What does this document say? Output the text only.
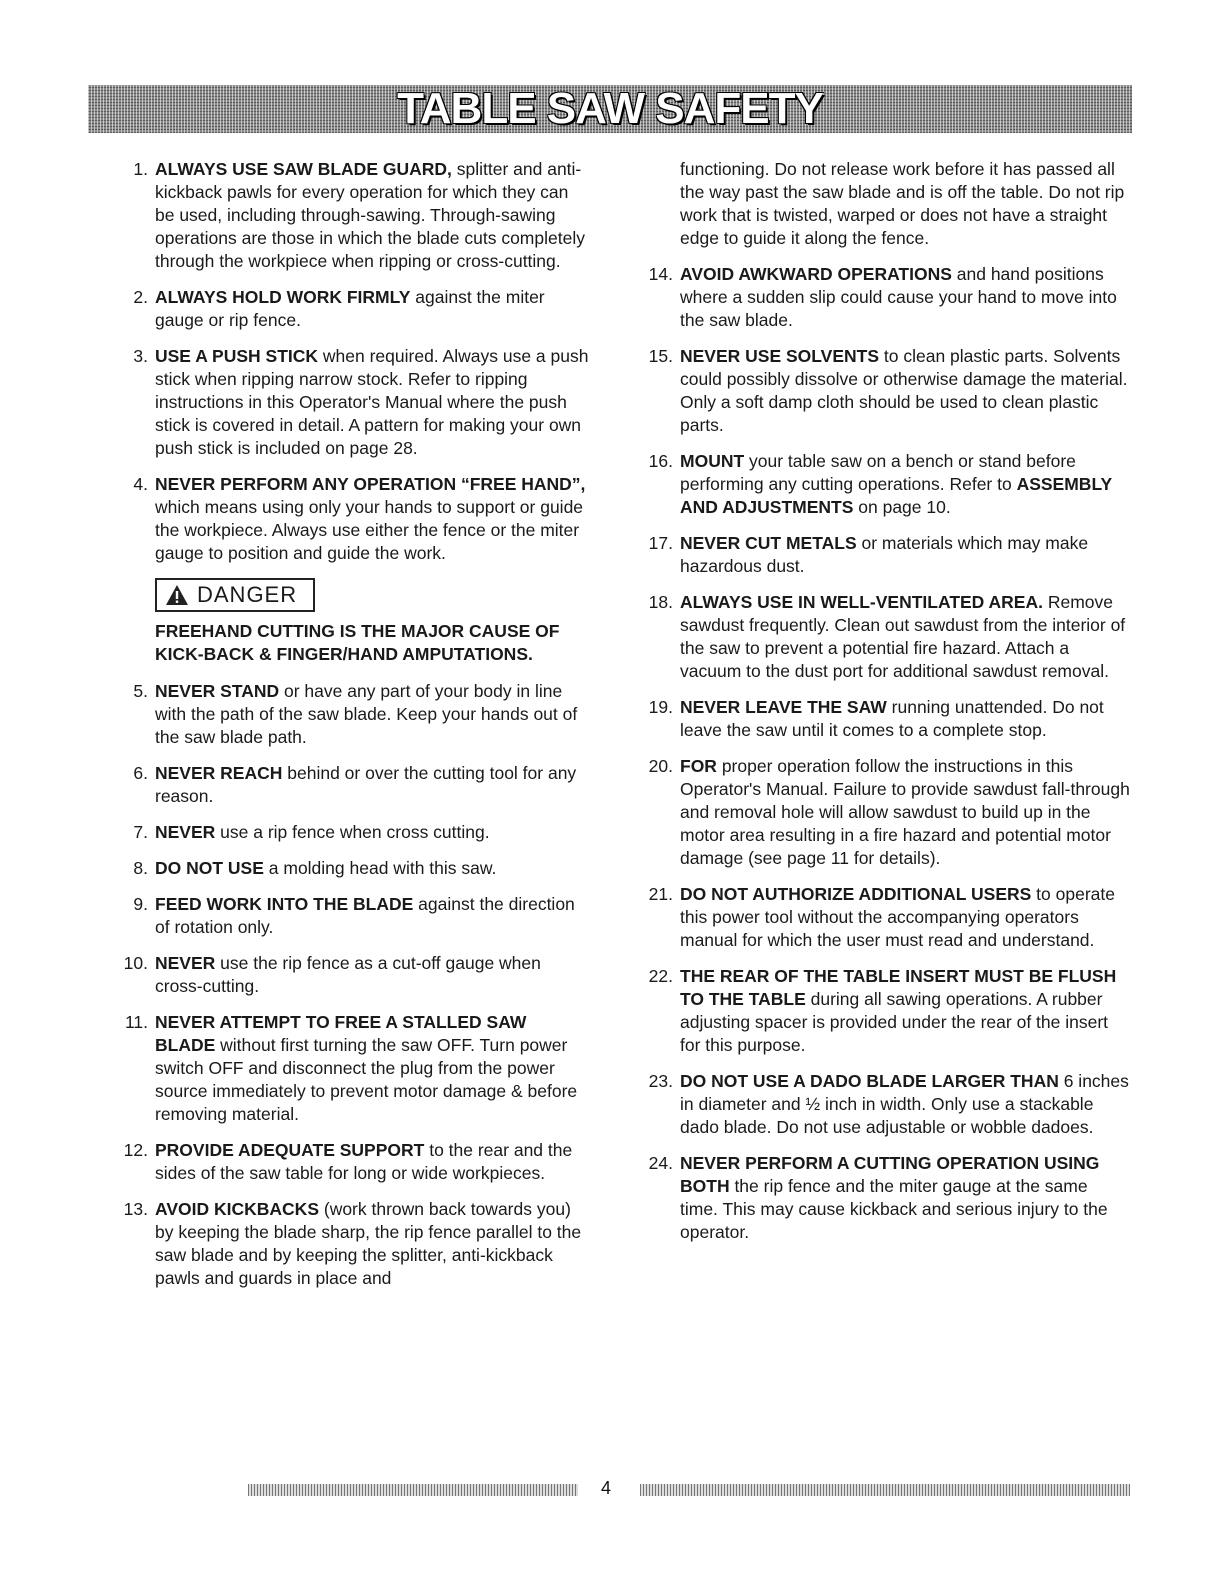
TABLE SAW SAFETY
1. ALWAYS USE SAW BLADE GUARD, splitter and anti-kickback pawls for every operation for which they can be used, including through-sawing. Through-sawing operations are those in which the blade cuts completely through the workpiece when ripping or cross-cutting.
2. ALWAYS HOLD WORK FIRMLY against the miter gauge or rip fence.
3. USE A PUSH STICK when required. Always use a push stick when ripping narrow stock. Refer to ripping instructions in this Operator's Manual where the push stick is covered in detail. A pattern for making your own push stick is included on page 28.
4. NEVER PERFORM ANY OPERATION “FREE HAND”, which means using only your hands to support or guide the workpiece. Always use either the fence or the miter gauge to position and guide the work.
DANGER
FREEHAND CUTTING IS THE MAJOR CAUSE OF KICK-BACK & FINGER/HAND AMPUTATIONS.
5. NEVER STAND or have any part of your body in line with the path of the saw blade. Keep your hands out of the saw blade path.
6. NEVER REACH behind or over the cutting tool for any reason.
7. NEVER use a rip fence when cross cutting.
8. DO NOT USE a molding head with this saw.
9. FEED WORK INTO THE BLADE against the direction of rotation only.
10. NEVER use the rip fence as a cut-off gauge when cross-cutting.
11. NEVER ATTEMPT TO FREE A STALLED SAW BLADE without first turning the saw OFF. Turn power switch OFF and disconnect the plug from the power source immediately to prevent motor damage & before removing material.
12. PROVIDE ADEQUATE SUPPORT to the rear and the sides of the saw table for long or wide workpieces.
13. AVOID KICKBACKS (work thrown back towards you) by keeping the blade sharp, the rip fence parallel to the saw blade and by keeping the splitter, anti-kickback pawls and guards in place and

functioning. Do not release work before it has passed all the way past the saw blade and is off the table. Do not rip work that is twisted, warped or does not have a straight edge to guide it along the fence.

14. AVOID AWKWARD OPERATIONS and hand positions where a sudden slip could cause your hand to move into the saw blade.
15. NEVER USE SOLVENTS to clean plastic parts. Solvents could possibly dissolve or otherwise damage the material. Only a soft damp cloth should be used to clean plastic parts.
16. MOUNT your table saw on a bench or stand before performing any cutting operations. Refer to ASSEMBLY AND ADJUSTMENTS on page 10.
17. NEVER CUT METALS or materials which may make hazardous dust.
18. ALWAYS USE IN WELL-VENTILATED AREA. Remove sawdust frequently. Clean out sawdust from the interior of the saw to prevent a potential fire hazard. Attach a vacuum to the dust port for additional sawdust removal.
19. NEVER LEAVE THE SAW running unattended. Do not leave the saw until it comes to a complete stop.
20. FOR proper operation follow the instructions in this Operator's Manual. Failure to provide sawdust fall-through and removal hole will allow sawdust to build up in the motor area resulting in a fire hazard and potential motor damage (see page 11 for details).
21. DO NOT AUTHORIZE ADDITIONAL USERS to operate this power tool without the accompanying operators manual for which the user must read and understand.
22. THE REAR OF THE TABLE INSERT MUST BE FLUSH TO THE TABLE during all sawing operations. A rubber adjusting spacer is provided under the rear of the insert for this purpose.
23. DO NOT USE A DADO BLADE LARGER THAN 6 inches in diameter and ½ inch in width. Only use a stackable dado blade. Do not use adjustable or wobble dadoes.
24. NEVER PERFORM A CUTTING OPERATION USING BOTH the rip fence and the miter gauge at the same time. This may cause kickback and serious injury to the operator.
4
